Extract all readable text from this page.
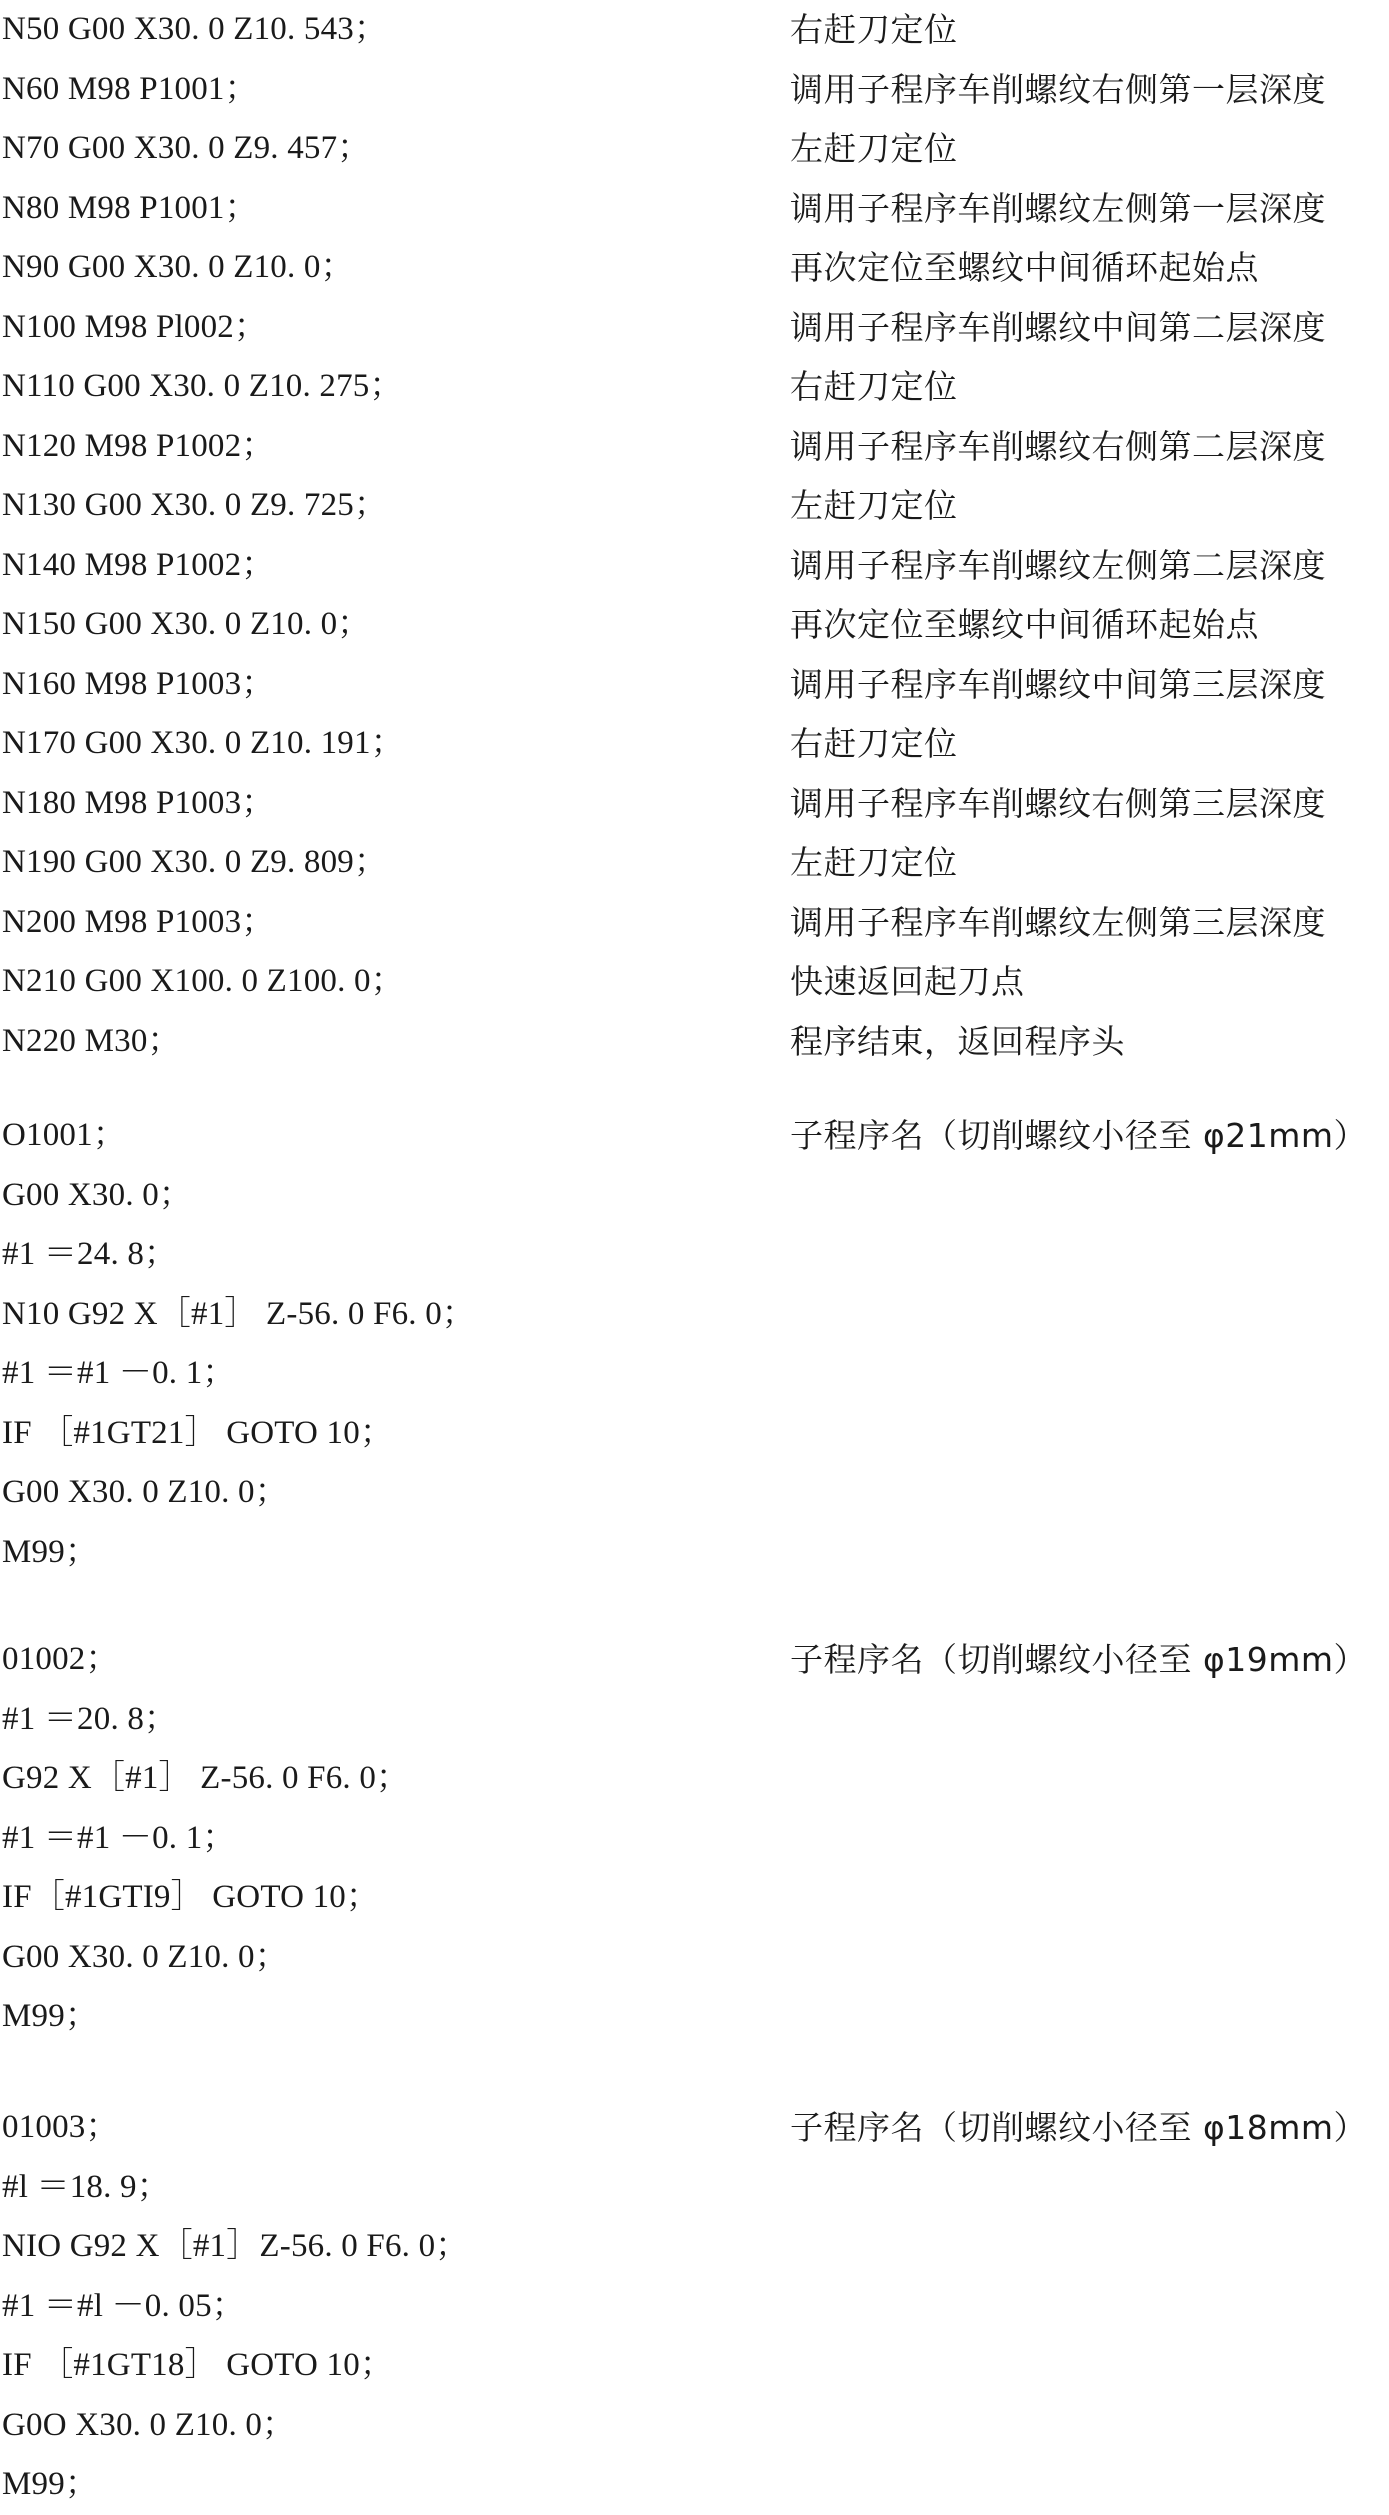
N50 G00 X30. 0 Z10. 543；	右赶刀定位
N60 M98 P1001；	调用子程序车削螺纹右侧第一层深度
N70 G00 X30. 0 Z9. 457；	左赶刀定位
N80 M98 P1001；	调用子程序车削螺纹左侧第一层深度
N90 G00 X30. 0 Z10. 0；	再次定位至螺纹中间循环起始点
N100 M98 Pl002；	调用子程序车削螺纹中间第二层深度
N110 G00 X30. 0 Z10. 275；	右赶刀定位
N120 M98 P1002；	调用子程序车削螺纹右侧第二层深度
N130 G00 X30. 0 Z9. 725；	左赶刀定位
N140 M98 P1002；	调用子程序车削螺纹左侧第二层深度
N150 G00 X30. 0 Z10. 0；	再次定位至螺纹中间循环起始点
N160 M98 P1003；	调用子程序车削螺纹中间第三层深度
N170 G00 X30. 0 Z10. 191；	右赶刀定位
N180 M98 P1003；	调用子程序车削螺纹右侧第三层深度
N190 G00 X30. 0 Z9. 809；	左赶刀定位
N200 M98 P1003；	调用子程序车削螺纹左侧第三层深度
N210 G00 X100. 0 Z100. 0；	快速返回起刀点
N220 M30；	程序结束，返回程序头
O1001；	子程序名（切削螺纹小径至 φ21mm）
G00 X30. 0；
#1 ＝24. 8；
N10 G92 X［#1］ Z-56. 0 F6. 0；
#1 ＝#1 －0. 1；
IF ［#1GT21］ GOTO 10；
G00 X30. 0 Z10. 0；
M99；
01002；	子程序名（切削螺纹小径至 φ19mm）
#1 ＝20. 8；
G92 X［#1］ Z-56. 0 F6. 0；
#1 ＝#1 －0. 1；
IF［#1GTI9］ GOTO 10；
G00 X30. 0 Z10. 0；
M99；
01003；	子程序名（切削螺纹小径至 φ18mm）
#l ＝18. 9；
NIO G92 X［#1］Z-56. 0 F6. 0；
#1 ＝#l －0. 05；
IF ［#1GT18］ GOTO 10；
G0O X30. 0 Z10. 0；
M99；
